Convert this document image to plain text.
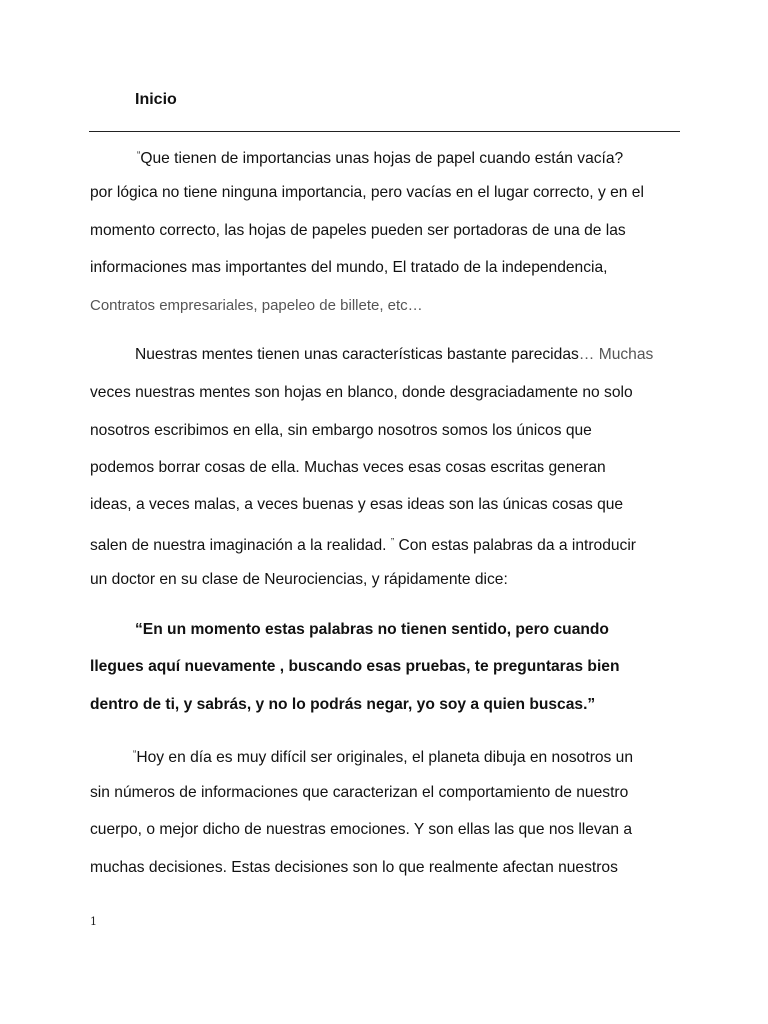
Inicio
“Que tienen de importancias unas hojas de papel cuando están vacía?
por lógica no tiene ninguna importancia, pero vacías en el lugar correcto, y en el
momento correcto, las hojas de papeles pueden ser portadoras de una de las
informaciones mas importantes del mundo, El tratado de la independencia,
Contratos empresariales, papeleo de billete, etc…
Nuestras mentes tienen unas características bastante parecidas… Muchas
veces nuestras mentes son hojas en blanco, donde desgraciadamente no solo
nosotros escribimos en ella, sin embargo nosotros somos los únicos que
podemos borrar cosas de ella. Muchas veces esas cosas escritas generan
ideas, a veces malas, a veces buenas y esas ideas son las únicas cosas que
salen de nuestra imaginación a la realidad. ” Con estas palabras da a introducir
un doctor en su clase de Neurociencias, y rápidamente dice:
“En un momento estas palabras no tienen sentido, pero cuando
llegues aquí nuevamente , buscando esas pruebas, te preguntaras bien
dentro de ti, y sabrás, y no lo podrás negar, yo soy a quien buscas.”
“Hoy en día es muy difícil ser originales, el planeta dibuja en nosotros un
sin números de informaciones que caracterizan el comportamiento de nuestro
cuerpo, o mejor dicho de nuestras emociones. Y son ellas las que nos llevan a
muchas decisiones. Estas decisiones son lo que realmente afectan nuestros
1
